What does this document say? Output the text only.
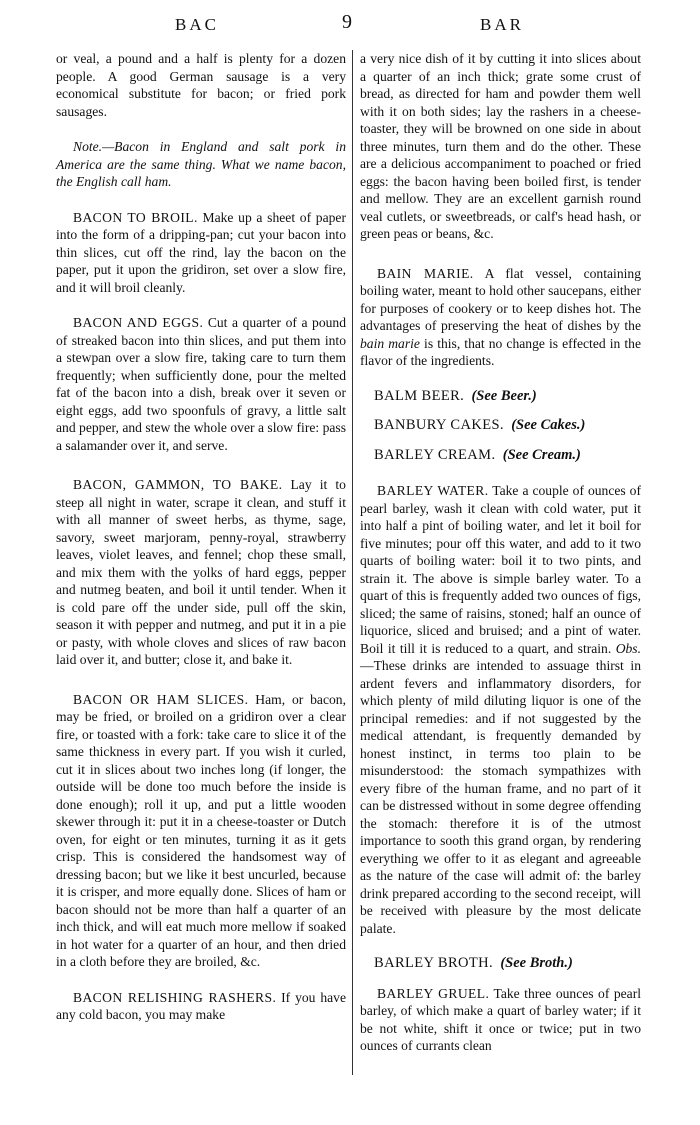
BAC	9	BAR

or veal, a pound and a half is plenty for a dozen people. A good German sausage is a very economical substitute for bacon; or fried pork sausages.

Note.—Bacon in England and salt pork in America are the same thing. What we name bacon, the English call ham.

BACON TO BROIL. Make up a sheet of paper into the form of a dripping-pan; cut your bacon into thin slices, cut off the rind, lay the bacon on the paper, put it upon the gridiron, set over a slow fire, and it will broil cleanly.

BACON AND EGGS. Cut a quarter of a pound of streaked bacon into thin slices, and put them into a stewpan over a slow fire, taking care to turn them frequently; when sufficiently done, pour the melted fat of the bacon into a dish, break over it seven or eight eggs, add two spoonfuls of gravy, a little salt and pepper, and stew the whole over a slow fire: pass a salamander over it, and serve.

BACON, GAMMON, TO BAKE. Lay it to steep all night in water, scrape it clean, and stuff it with all manner of sweet herbs, as thyme, sage, savory, sweet marjoram, penny-royal, strawberry leaves, violet leaves, and fennel; chop these small, and mix them with the yolks of hard eggs, pepper and nutmeg beaten, and boil it until tender. When it is cold pare off the under side, pull off the skin, season it with pepper and nutmeg, and put it in a pie or pasty, with whole cloves and slices of raw bacon laid over it, and butter; close it, and bake it.

BACON OR HAM SLICES. Ham, or bacon, may be fried, or broiled on a gridiron over a clear fire, or toasted with a fork: take care to slice it of the same thickness in every part. If you wish it curled, cut it in slices about two inches long (if longer, the outside will be done too much before the inside is done enough); roll it up, and put a little wooden skewer through it: put it in a cheese-toaster or Dutch oven, for eight or ten minutes, turning it as it gets crisp. This is considered the handsomest way of dressing bacon; but we like it best uncurled, because it is crisper, and more equally done. Slices of ham or bacon should not be more than half a quarter of an inch thick, and will eat much more mellow if soaked in hot water for a quarter of an hour, and then dried in a cloth before they are broiled, &c.

BACON RELISHING RASHERS. If you have any cold bacon, you may make

a very nice dish of it by cutting it into slices about a quarter of an inch thick; grate some crust of bread, as directed for ham and powder them well with it on both sides; lay the rashers in a cheese-toaster, they will be browned on one side in about three minutes, turn them and do the other. These are a delicious accompaniment to poached or fried eggs: the bacon having been boiled first, is tender and mellow. They are an excellent garnish round veal cutlets, or sweetbreads, or calf's head hash, or green peas or beans, &c.

BAIN MARIE. A flat vessel, containing boiling water, meant to hold other saucepans, either for purposes of cookery or to keep dishes hot. The advantages of preserving the heat of dishes by the bain marie is this, that no change is effected in the flavor of the ingredients.

BALM BEER. (See Beer.)

BANBURY CAKES. (See Cakes.)

BARLEY CREAM. (See Cream.)

BARLEY WATER. Take a couple of ounces of pearl barley, wash it clean with cold water, put it into half a pint of boiling water, and let it boil for five minutes; pour off this water, and add to it two quarts of boiling water: boil it to two pints, and strain it. The above is simple barley water. To a quart of this is frequently added two ounces of figs, sliced; the same of raisins, stoned; half an ounce of liquorice, sliced and bruised; and a pint of water. Boil it till it is reduced to a quart, and strain. Obs.—These drinks are intended to assuage thirst in ardent fevers and inflammatory disorders, for which plenty of mild diluting liquor is one of the principal remedies: and if not suggested by the medical attendant, is frequently demanded by honest instinct, in terms too plain to be misunderstood: the stomach sympathizes with every fibre of the human frame, and no part of it can be distressed without in some degree offending the stomach: therefore it is of the utmost importance to sooth this grand organ, by rendering everything we offer to it as elegant and agreeable as the nature of the case will admit of: the barley drink prepared according to the second receipt, will be received with pleasure by the most delicate palate.

BARLEY BROTH. (See Broth.)

BARLEY GRUEL. Take three ounces of pearl barley, of which make a quart of barley water; if it be not white, shift it once or twice; put in two ounces of currants clean
